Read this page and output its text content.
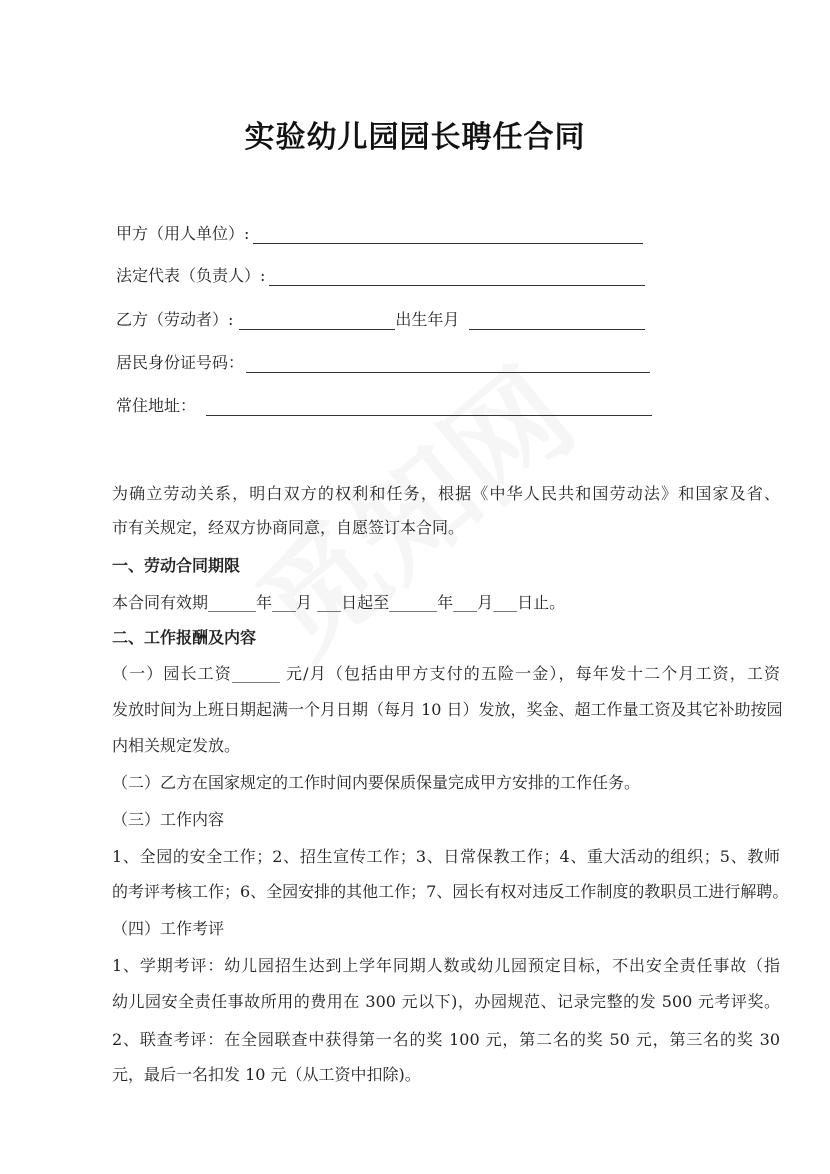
实验幼儿园园长聘任合同
甲方（用人单位）:
法定代表（负责人）:
乙方（劳动者）:	出生年月
居民身份证号码：
常住地址：
为确立劳动关系，明白双方的权利和任务，根据《中华人民共和国劳动法》和国家及省、
市有关规定，经双方协商同意，自愿签订本合同。
一、劳动合同期限
本合同有效期______年___月 ___日起至______年___月___日止。
二、工作报酬及内容
（一）园长工资______ 元/月（包括由甲方支付的五险一金），每年发十二个月工资，工资
发放时间为上班日期起满一个月日期（每月 10 日）发放，奖金、超工作量工资及其它补助按园
内相关规定发放。
（二）乙方在国家规定的工作时间内要保质保量完成甲方安排的工作任务。
（三）工作内容
1、全园的安全工作；2、招生宣传工作；3、日常保教工作；4、重大活动的组织；5、教师
的考评考核工作；6、全园安排的其他工作；7、园长有权对违反工作制度的教职员工进行解聘。
（四）工作考评
1、学期考评：幼儿园招生达到上学年同期人数或幼儿园预定目标，不出安全责任事故（指
幼儿园安全责任事故所用的费用在 300 元以下)，办园规范、记录完整的发 500 元考评奖。
2、联查考评：在全园联查中获得第一名的奖 100 元，第二名的奖 50 元，第三名的奖 30
元，最后一名扣发 10 元（从工资中扣除)。
